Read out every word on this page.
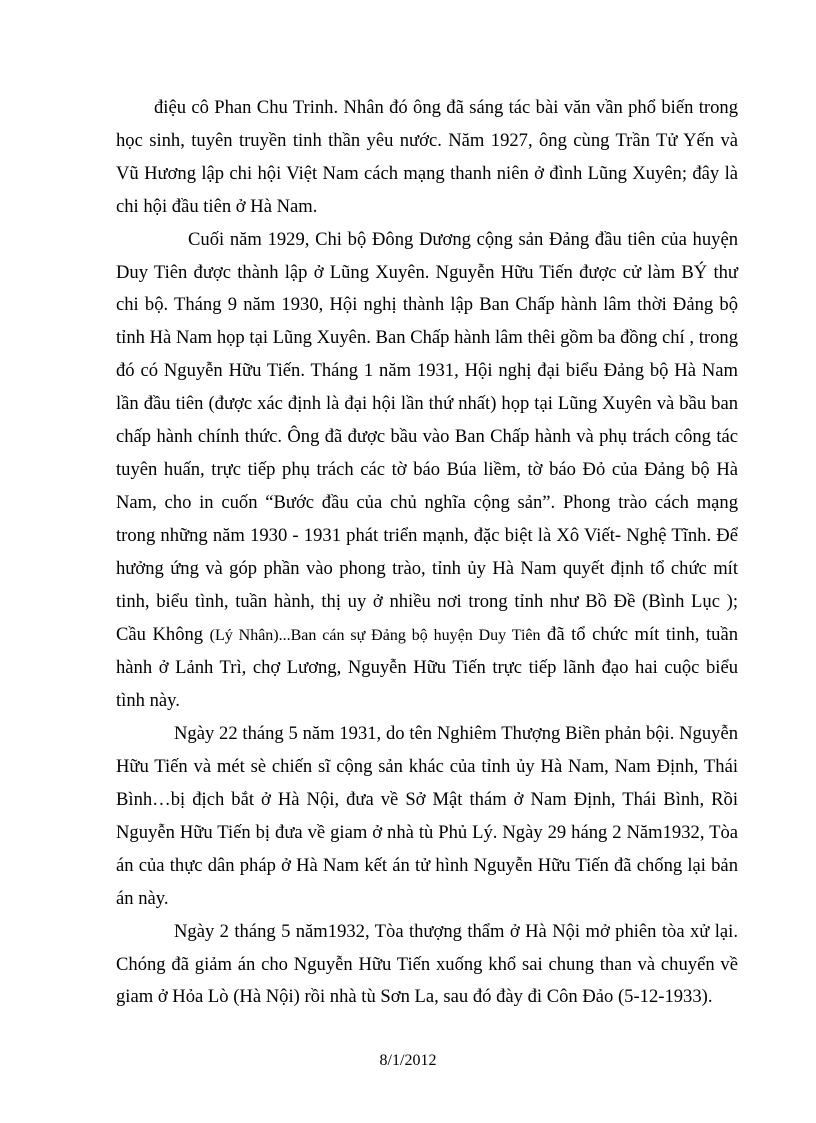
điệu cô Phan Chu Trinh. Nhân đó ông đã sáng tác bài văn vần phổ biến trong học sinh, tuyên truyền tinh thần yêu nước. Năm 1927, ông cùng Trần Tử Yến và Vũ Hương lập chi hội Việt Nam cách mạng thanh niên ở đình Lũng Xuyên; đây là chi hội đầu tiên ở Hà Nam.

Cuối năm 1929, Chi bộ Đông Dương cộng sản Đảng đầu tiên của huyện Duy Tiên được thành lập ở Lũng Xuyên. Nguyễn Hữu Tiến được cử làm BÝ thư chi bộ. Tháng 9 năm 1930, Hội nghị thành lập Ban Chấp hành lâm thời Đảng bộ tỉnh Hà Nam họp tại Lũng Xuyên. Ban Chấp hành lâm thêi gồm ba đồng chí , trong đó có Nguyễn Hữu Tiến. Tháng 1 năm 1931, Hội nghị đại biểu Đảng bộ Hà Nam lần đầu tiên (được xác định là đại hội lần thứ nhất) họp tại Lũng Xuyên và bầu ban chấp hành chính thức. Ông đã được bầu vào Ban Chấp hành và phụ trách công tác tuyên huấn, trực tiếp phụ trách các tờ báo Búa liềm, tờ báo Đỏ của Đảng bộ Hà Nam, cho in cuốn “Bước đầu của chủ nghĩa cộng sản”. Phong trào cách mạng trong những năm 1930 - 1931 phát triển mạnh, đặc biệt là Xô Viết- Nghệ Tĩnh. Để hưởng ứng và góp phần vào phong trào, tỉnh ủy Hà Nam quyết định tổ chức mít tinh, biểu tình, tuần hành, thị uy ở nhiều nơi trong tỉnh như Bồ Đề (Bình Lục ); Cầu Không (Lý Nhân)...Ban cán sự Đảng bộ huyện Duy Tiên đã tổ chức mít tinh, tuần hành ở Lảnh Trì, chợ Lương, Nguyễn Hữu Tiến trực tiếp lãnh đạo hai cuộc biểu tình này.

Ngày 22 tháng 5 năm 1931, do tên Nghiêm Thượng Biền phản bội. Nguyễn Hữu Tiến và mét sè chiến sĩ cộng sản khác của tỉnh ủy Hà Nam, Nam Định, Thái Bình…bị địch bắt ở Hà Nội, đưa về Sở Mật thám ở Nam Định, Thái Bình, Rồi Nguyễn Hữu Tiến bị đưa về giam ở nhà tù Phủ Lý. Ngày 29 háng 2 Năm1932, Tòa án của thực dân pháp ở Hà Nam kết án tử hình Nguyễn Hữu Tiến đã chống lại bản án này.

Ngày 2 tháng 5 năm1932, Tòa thượng thẩm ở Hà Nội mở phiên tòa xử lại. Chóng đã giảm án cho Nguyễn Hữu Tiến xuống khổ sai chung than và chuyển về giam ở Hỏa Lò (Hà Nội) rồi nhà tù Sơn La, sau đó đày đi Côn Đảo (5-12-1933).

8/1/2012
